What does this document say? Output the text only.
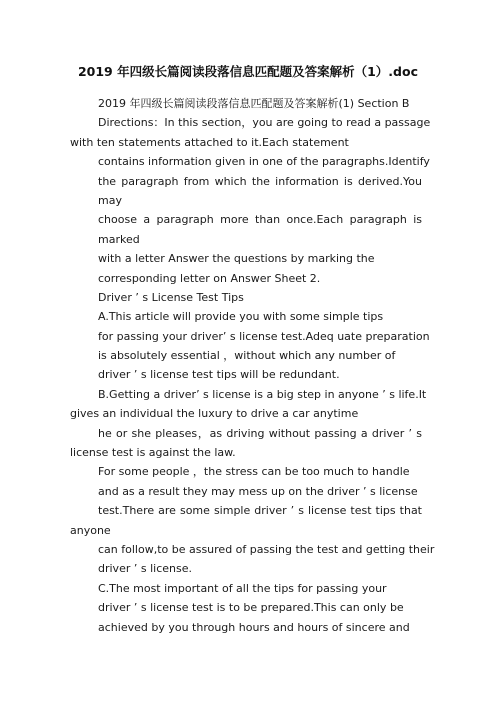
2019 年四级长篇阅读段落信息匹配题及答案解析（1）.doc
2019 年四级长篇阅读段落信息匹配题及答案解析(1) Section B
Directions：In this section，you are going to read a passage
with ten statements attached to it.Each statement
contains information given in one of the paragraphs.Identify
the paragraph from which the information is derived.You
may
choose a paragraph more than once.Each paragraph is
marked
with a letter Answer the questions by marking the
corresponding letter on Answer Sheet 2.
Driver ’ s License Test Tips
A.This article will provide you with some simple tips
for passing your driver’ s license test.Adeq uate preparation
is absolutely essential ，without which any number of
driver ’ s license test tips will be redundant.
B.Getting a driver’ s license is a big step in anyone ’ s life.It
gives an individual the luxury to drive a car anytime
he or she pleases，as driving without passing a driver ’ s
license test is against the law.
For some people ，the stress can be too much to handle
and as a result they may mess up on the driver ’ s license
test.There are some simple driver ’ s license test tips that
anyone
can follow,to be assured of passing the test and getting their
driver ’ s license.
C.The most important of all the tips for passing your
driver ’ s license test is to be prepared.This can only be
achieved by you through hours and hours of sincere and
